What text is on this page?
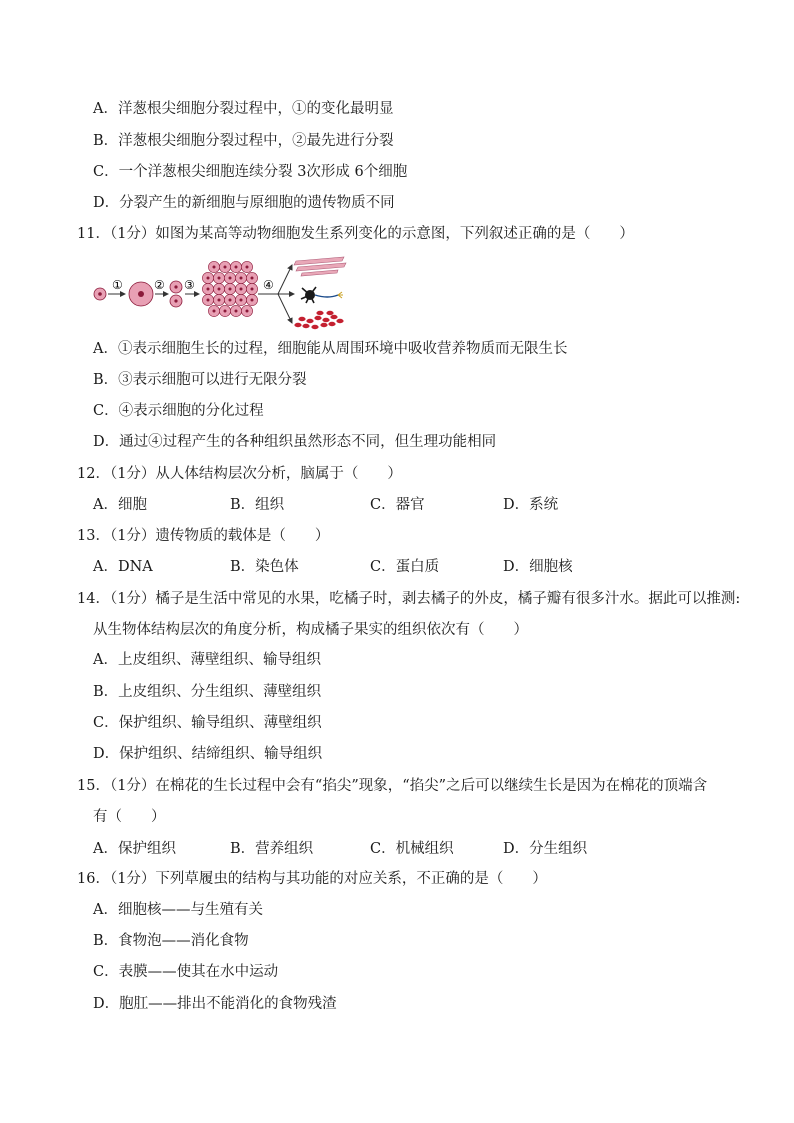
A．洋葱根尖细胞分裂过程中，①的变化最明显
B．洋葱根尖细胞分裂过程中，②最先进行分裂
C．一个洋葱根尖细胞连续分裂 3次形成 6个细胞
D．分裂产生的新细胞与原细胞的遗传物质不同
11．（1分）如图为某高等动物细胞发生系列变化的示意图，下列叙述正确的是（　　）
①	② ③	④
A．①表示细胞生长的过程，细胞能从周围环境中吸收营养物质而无限生长
B．③表示细胞可以进行无限分裂
C．④表示细胞的分化过程
D．通过④过程产生的各种组织虽然形态不同，但生理功能相同
12．（1分）从人体结构层次分析，脑属于（　　）
A．细胞	B．组织	C．器官	D．系统
13．（1分）遗传物质的载体是（　　）
A．DNA	B．染色体	C．蛋白质	D．细胞核
14．（1分）橘子是生活中常见的水果，吃橘子时，剥去橘子的外皮，橘子瓣有很多汁水。据此可以推测:
从生物体结构层次的角度分析，构成橘子果实的组织依次有（　　）
A．上皮组织、薄壁组织、输导组织
B．上皮组织、分生组织、薄壁组织
C．保护组织、输导组织、薄壁组织
D．保护组织、结缔组织、输导组织
15．（1分）在棉花的生长过程中会有“掐尖”现象，“掐尖”之后可以继续生长是因为在棉花的顶端含
有（　　）
A．保护组织	B．营养组织	C．机械组织	D．分生组织
16．（1分）下列草履虫的结构与其功能的对应关系，不正确的是（　　）
A．细胞核——与生殖有关
B．食物泡——消化食物
C．表膜——使其在水中运动
D．胞肛——排出不能消化的食物残渣
